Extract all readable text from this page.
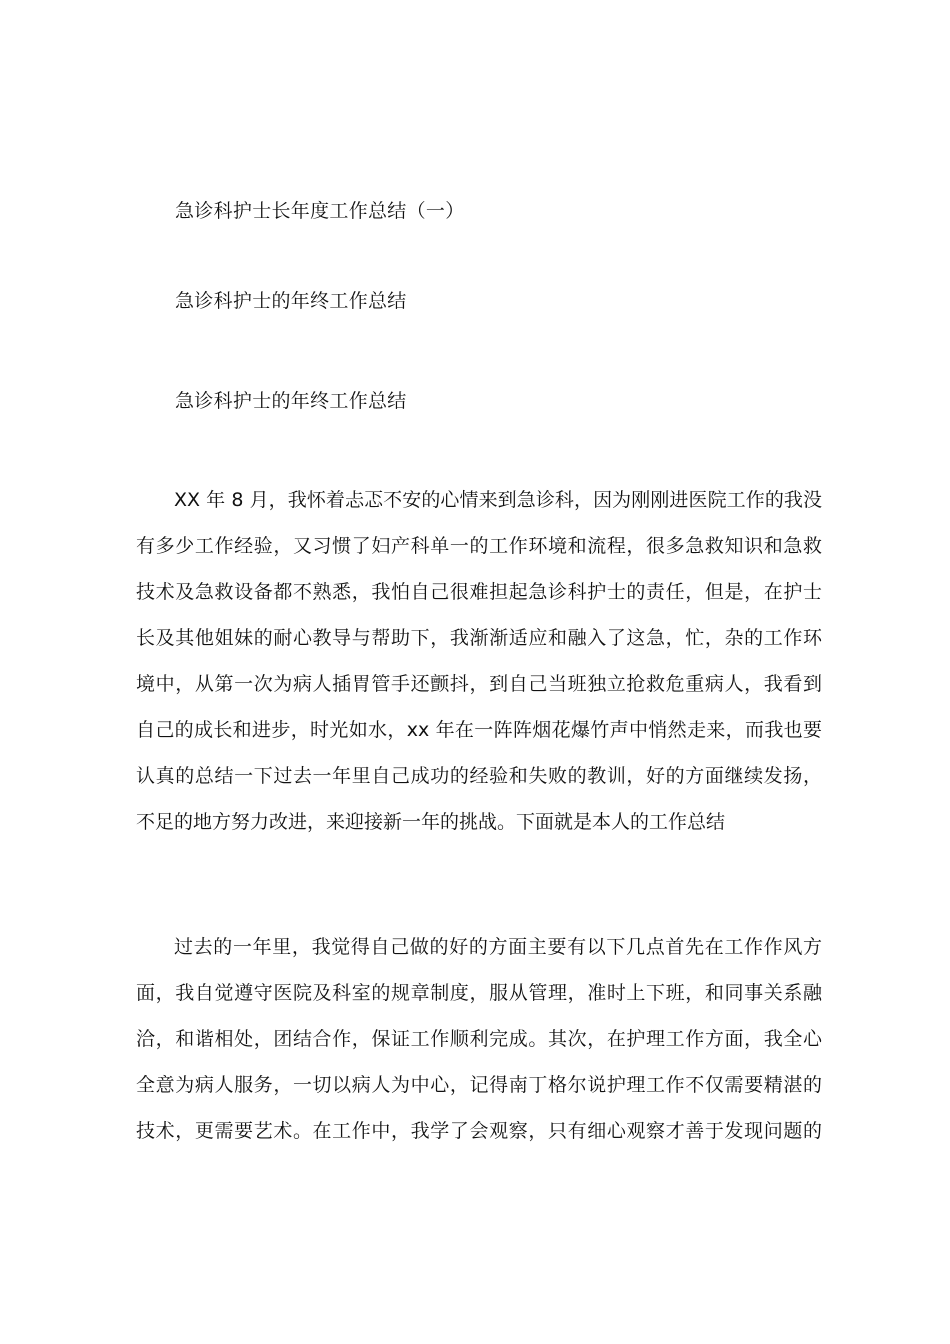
急诊科护士长年度工作总结（一）
急诊科护士的年终工作总结
急诊科护士的年终工作总结
XX 年 8 月，我怀着忐忑不安的心情来到急诊科，因为刚刚进医院工作的我没
有多少工作经验，又习惯了妇产科单一的工作环境和流程，很多急救知识和急救
技术及急救设备都不熟悉，我怕自己很难担起急诊科护士的责任，但是，在护士
长及其他姐妹的耐心教导与帮助下，我渐渐适应和融入了这急，忙，杂的工作环
境中，从第一次为病人插胃管手还颤抖，到自己当班独立抢救危重病人，我看到
自己的成长和进步，时光如水，xx 年在一阵阵烟花爆竹声中悄然走来，而我也要
认真的总结一下过去一年里自己成功的经验和失败的教训，好的方面继续发扬，
不足的地方努力改进，来迎接新一年的挑战。下面就是本人的工作总结
过去的一年里，我觉得自己做的好的方面主要有以下几点首先在工作作风方
面，我自觉遵守医院及科室的规章制度，服从管理，准时上下班，和同事关系融
洽，和谐相处，团结合作，保证工作顺利完成。其次，在护理工作方面，我全心
全意为病人服务，一切以病人为中心，记得南丁格尔说护理工作不仅需要精湛的
技术，更需要艺术。在工作中，我学了会观察，只有细心观察才善于发现问题的
